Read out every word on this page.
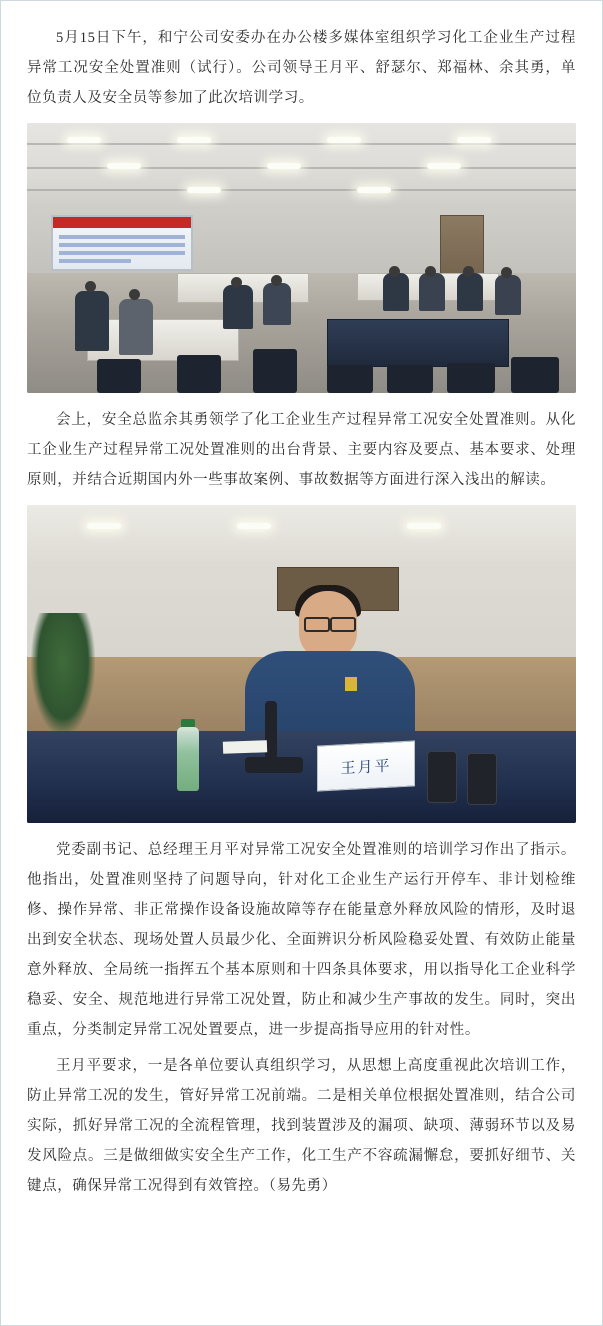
5月15日下午，和宁公司安委办在办公楼多媒体室组织学习化工企业生产过程异常工况安全处置准则（试行）。公司领导王月平、舒瑟尔、郑福林、余其勇，单位负责人及安全员等参加了此次培训学习。

会上，安全总监余其勇领学了化工企业生产过程异常工况安全处置准则。从化工企业生产过程异常工况处置准则的出台背景、主要内容及要点、基本要求、处理原则，并结合近期国内外一些事故案例、事故数据等方面进行深入浅出的解读。

王月平

党委副书记、总经理王月平对异常工况安全处置准则的培训学习作出了指示。他指出，处置准则坚持了问题导向，针对化工企业生产运行开停车、非计划检维修、操作异常、非正常操作设备设施故障等存在能量意外释放风险的情形，及时退出到安全状态、现场处置人员最少化、全面辨识分析风险稳妥处置、有效防止能量意外释放、全局统一指挥五个基本原则和十四条具体要求，用以指导化工企业科学稳妥、安全、规范地进行异常工况处置，防止和减少生产事故的发生。同时，突出重点，分类制定异常工况处置要点，进一步提高指导应用的针对性。

王月平要求，一是各单位要认真组织学习，从思想上高度重视此次培训工作，防止异常工况的发生，管好异常工况前端。二是相关单位根据处置准则，结合公司实际，抓好异常工况的全流程管理，找到装置涉及的漏项、缺项、薄弱环节以及易发风险点。三是做细做实安全生产工作，化工生产不容疏漏懈怠，要抓好细节、关键点，确保异常工况得到有效管控。（易先勇）
